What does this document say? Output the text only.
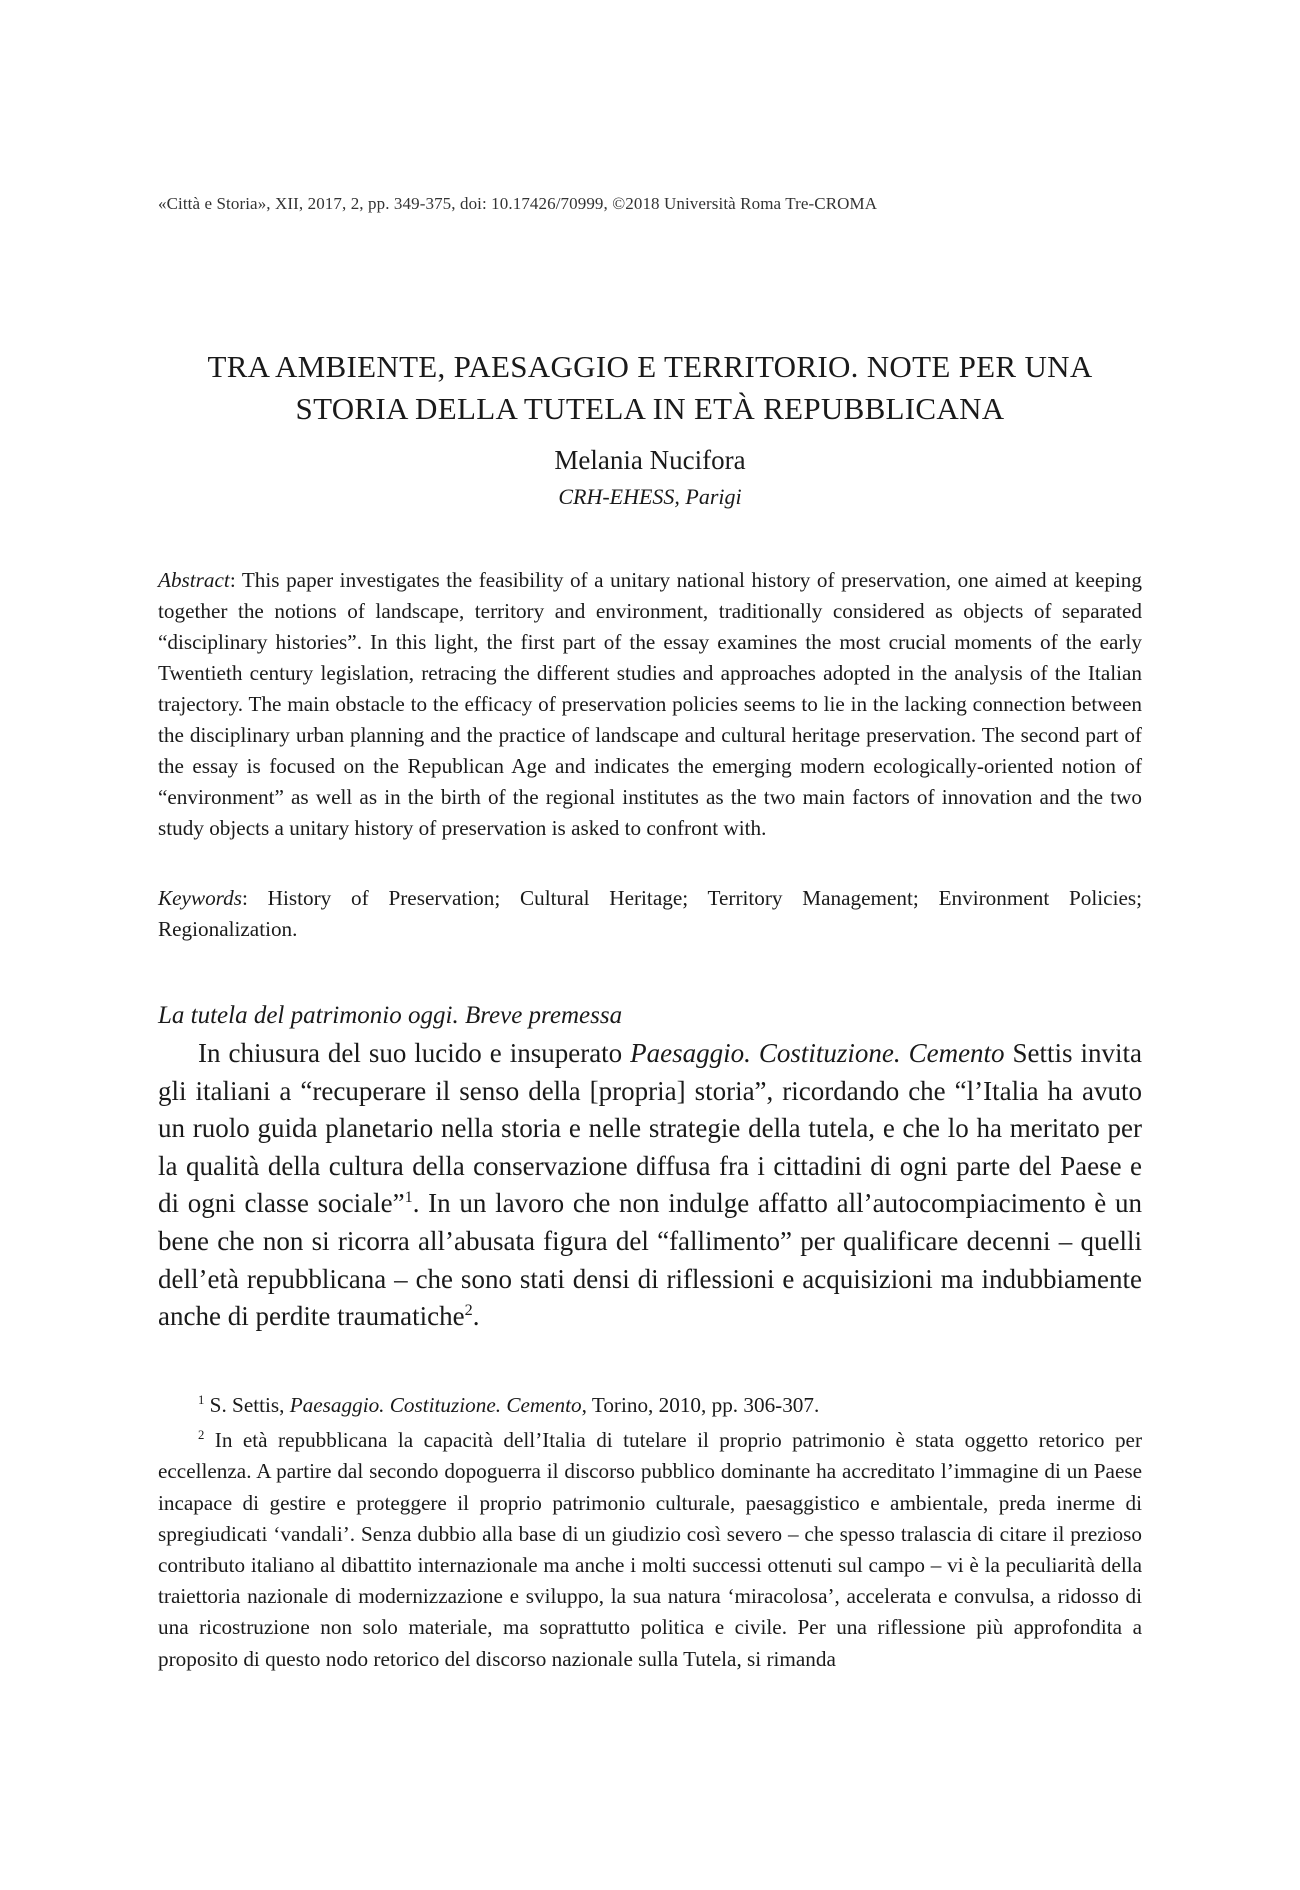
«Città e Storia», XII, 2017, 2, pp. 349-375, doi: 10.17426/70999, ©2018 Università Roma Tre-CROMA
TRA AMBIENTE, PAESAGGIO E TERRITORIO. NOTE PER UNA
STORIA DELLA TUTELA IN ETÀ REPUBBLICANA
Melania Nucifora
CRH-EHESS, Parigi

Abstract: This paper investigates the feasibility of a unitary national history of preservation, one aimed at keeping together the notions of landscape, territory and environment, traditionally considered as objects of separated “disciplinary histories”. In this light, the first part of the essay examines the most crucial moments of the early Twentieth century legislation, retracing the different studies and approaches adopted in the analysis of the Italian trajectory. The main obstacle to the efficacy of preservation policies seems to lie in the lacking connection between the disciplinary urban planning and the practice of landscape and cultural heritage preservation. The second part of the essay is focused on the Republican Age and indicates the emerging modern ecologically-oriented notion of “environment” as well as in the birth of the regional institutes as the two main factors of innovation and the two study objects a unitary history of preservation is asked to confront with.

Keywords: History of Preservation; Cultural Heritage; Territory Management; Environment Policies; Regionalization.

La tutela del patrimonio oggi. Breve premessa

In chiusura del suo lucido e insuperato Paesaggio. Costituzione. Cemento Settis invita gli italiani a “recuperare il senso della [propria] storia”, ricordando che “l’Italia ha avuto un ruolo guida planetario nella storia e nelle strategie della tutela, e che lo ha meritato per la qualità della cultura della conservazione diffusa fra i cittadini di ogni parte del Paese e di ogni classe sociale”$^1$. In un lavoro che non indulge affatto all’autocompiacimento è un bene che non si ricorra all’abusata figura del “fallimento” per qualificare decenni – quelli dell’età repubblicana – che sono stati densi di riflessioni e acquisizioni ma indubbiamente anche di perdite traumatiche$^2$.

$^1$ S. Settis, Paesaggio. Costituzione. Cemento, Torino, 2010, pp. 306-307.

$^2$ In età repubblicana la capacità dell’Italia di tutelare il proprio patrimonio è stata oggetto retorico per eccellenza. A partire dal secondo dopoguerra il discorso pubblico dominante ha accreditato l’immagine di un Paese incapace di gestire e proteggere il proprio patrimonio culturale, paesaggistico e ambientale, preda inerme di spregiudicati ‘vandali’. Senza dubbio alla base di un giudizio così severo – che spesso tralascia di citare il prezioso contributo italiano al dibattito internazionale ma anche i molti successi ottenuti sul campo – vi è la peculiarità della traiettoria nazionale di modernizzazione e sviluppo, la sua natura ‘miracolosa’, accelerata e convulsa, a ridosso di una ricostruzione non solo materiale, ma soprattutto politica e civile. Per una riflessione più approfondita a proposito di questo nodo retorico del discorso nazionale sulla Tutela, si rimanda
